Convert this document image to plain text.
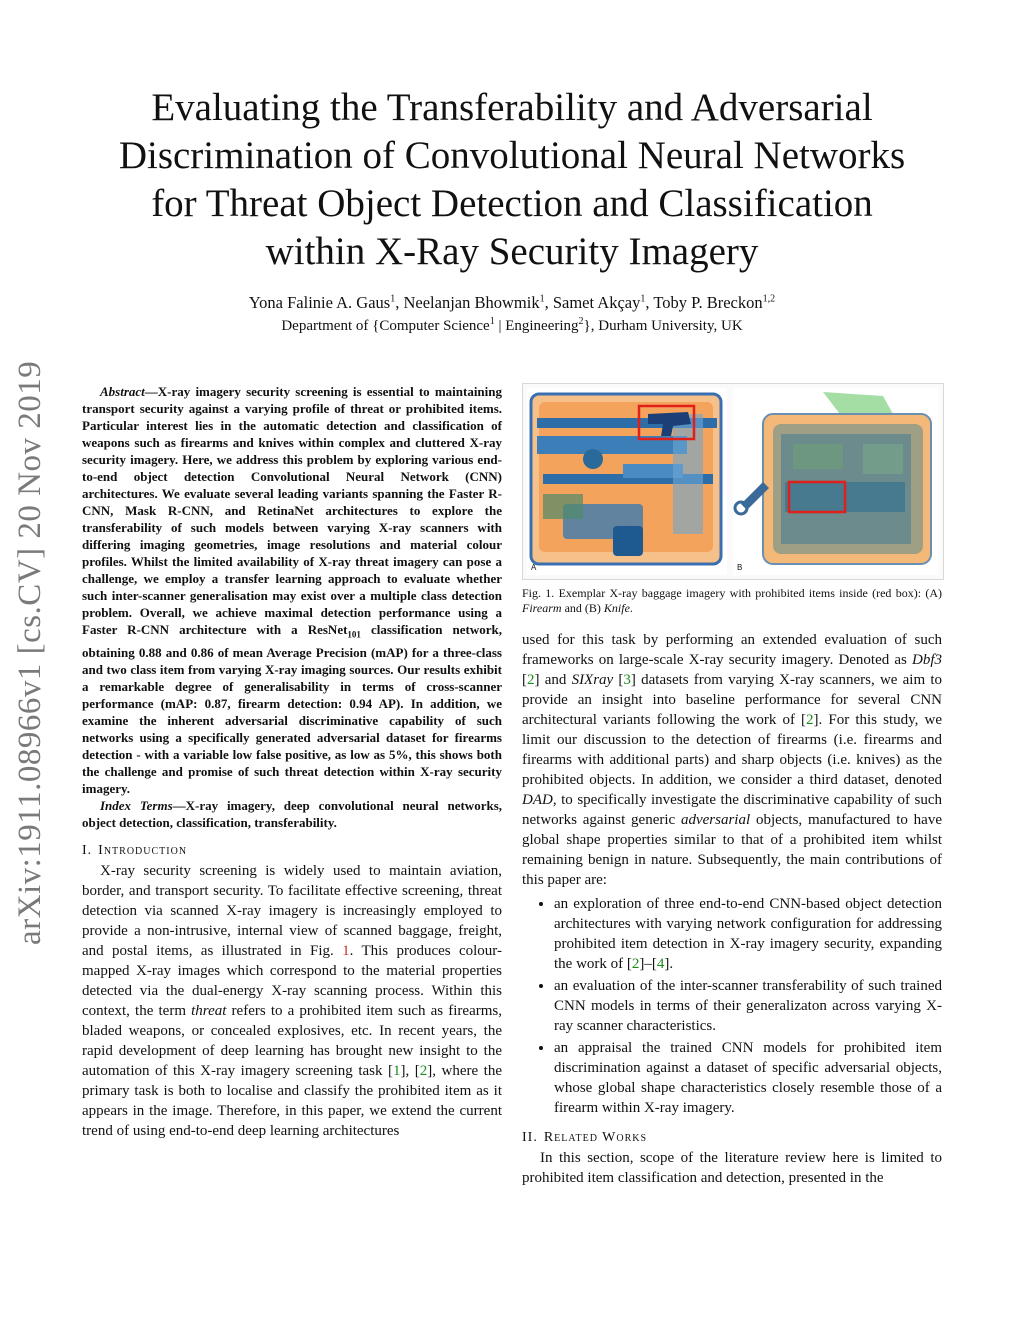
arXiv:1911.08966v1 [cs.CV] 20 Nov 2019
Evaluating the Transferability and Adversarial
Discrimination of Convolutional Neural Networks
for Threat Object Detection and Classification
within X-Ray Security Imagery
Yona Falinie A. Gaus$^1$, Neelanjan Bhowmik$^1$, Samet Akçay$^1$, Toby P. Breckon$^{1,2}$
Department of {Computer Science$^1$ | Engineering$^2$}, Durham University, UK

Abstract—X-ray imagery security screening is essential to maintaining transport security against a varying profile of threat or prohibited items. Particular interest lies in the automatic detection and classification of weapons such as firearms and knives within complex and cluttered X-ray security imagery. Here, we address this problem by exploring various end-to-end object detection Convolutional Neural Network (CNN) architectures. We evaluate several leading variants spanning the Faster R-CNN, Mask R-CNN, and RetinaNet architectures to explore the transferability of such models between varying X-ray scanners with differing imaging geometries, image resolutions and material colour profiles. Whilst the limited availability of X-ray threat imagery can pose a challenge, we employ a transfer learning approach to evaluate whether such inter-scanner generalisation may exist over a multiple class detection problem. Overall, we achieve maximal detection performance using a Faster R-CNN architecture with a ResNet$_{101}$ classification network, obtaining 0.88 and 0.86 of mean Average Precision (mAP) for a three-class and two class item from varying X-ray imaging sources. Our results exhibit a remarkable degree of generalisability in terms of cross-scanner performance (mAP: 0.87, firearm detection: 0.94 AP). In addition, we examine the inherent adversarial discriminative capability of such networks using a specifically generated adversarial dataset for firearms detection - with a variable low false positive, as low as 5%, this shows both the challenge and promise of such threat detection within X-ray security imagery.

Index Terms—X-ray imagery, deep convolutional neural networks, object detection, classification, transferability.

I. Introduction

X-ray security screening is widely used to maintain aviation, border, and transport security. To facilitate effective screening, threat detection via scanned X-ray imagery is increasingly employed to provide a non-intrusive, internal view of scanned baggage, freight, and postal items, as illustrated in Fig. 1. This produces colour-mapped X-ray images which correspond to the material properties detected via the dual-energy X-ray scanning process. Within this context, the term threat refers to a prohibited item such as firearms, bladed weapons, or concealed explosives, etc. In recent years, the rapid development of deep learning has brought new insight to the automation of this X-ray imagery screening task [1], [2], where the primary task is both to localise and classify the prohibited item as it appears in the image. Therefore, in this paper, we extend the current trend of using end-to-end deep learning architectures

A	B

Fig. 1. Exemplar X-ray baggage imagery with prohibited items inside (red box): (A) Firearm and (B) Knife.

used for this task by performing an extended evaluation of such frameworks on large-scale X-ray security imagery. Denoted as Dbf3 [2] and SIXray [3] datasets from varying X-ray scanners, we aim to provide an insight into baseline performance for several CNN architectural variants following the work of [2]. For this study, we limit our discussion to the detection of firearms (i.e. firearms and firearms with additional parts) and sharp objects (i.e. knives) as the prohibited objects. In addition, we consider a third dataset, denoted DAD, to specifically investigate the discriminative capability of such networks against generic adversarial objects, manufactured to have global shape properties similar to that of a prohibited item whilst remaining benign in nature. Subsequently, the main contributions of this paper are:

• an exploration of three end-to-end CNN-based object detection architectures with varying network configuration for addressing prohibited item detection in X-ray imagery security, expanding the work of [2]–[4].
• an evaluation of the inter-scanner transferability of such trained CNN models in terms of their generalizaton across varying X-ray scanner characteristics.
• an appraisal the trained CNN models for prohibited item discrimination against a dataset of specific adversarial objects, whose global shape characteristics closely resemble those of a firearm within X-ray imagery.
II. Related Works

In this section, scope of the literature review here is limited to prohibited item classification and detection, presented in the
